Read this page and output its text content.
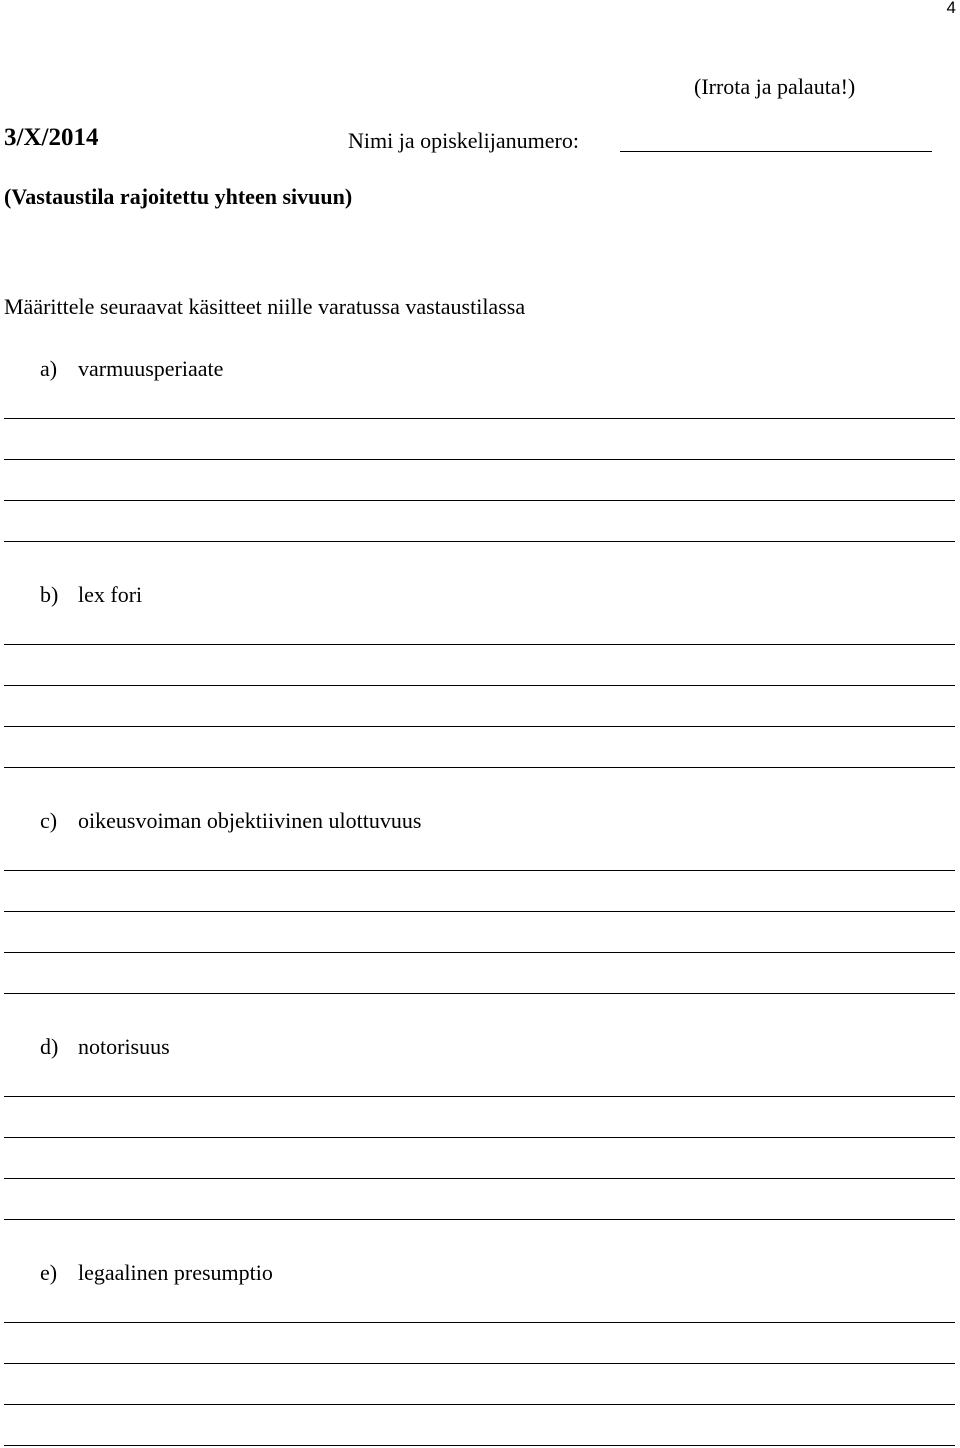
4
(Irrota ja palauta!)
3/X/2014	Nimi ja opiskelijanumero:
(Vastaustila rajoitettu yhteen sivuun)
Määrittele seuraavat käsitteet niille varatussa vastaustilassa
a) varmuusperiaate
b) lex fori
c) oikeusvoiman objektiivinen ulottuvuus
d) notorisuus
e) legaalinen presumptio
